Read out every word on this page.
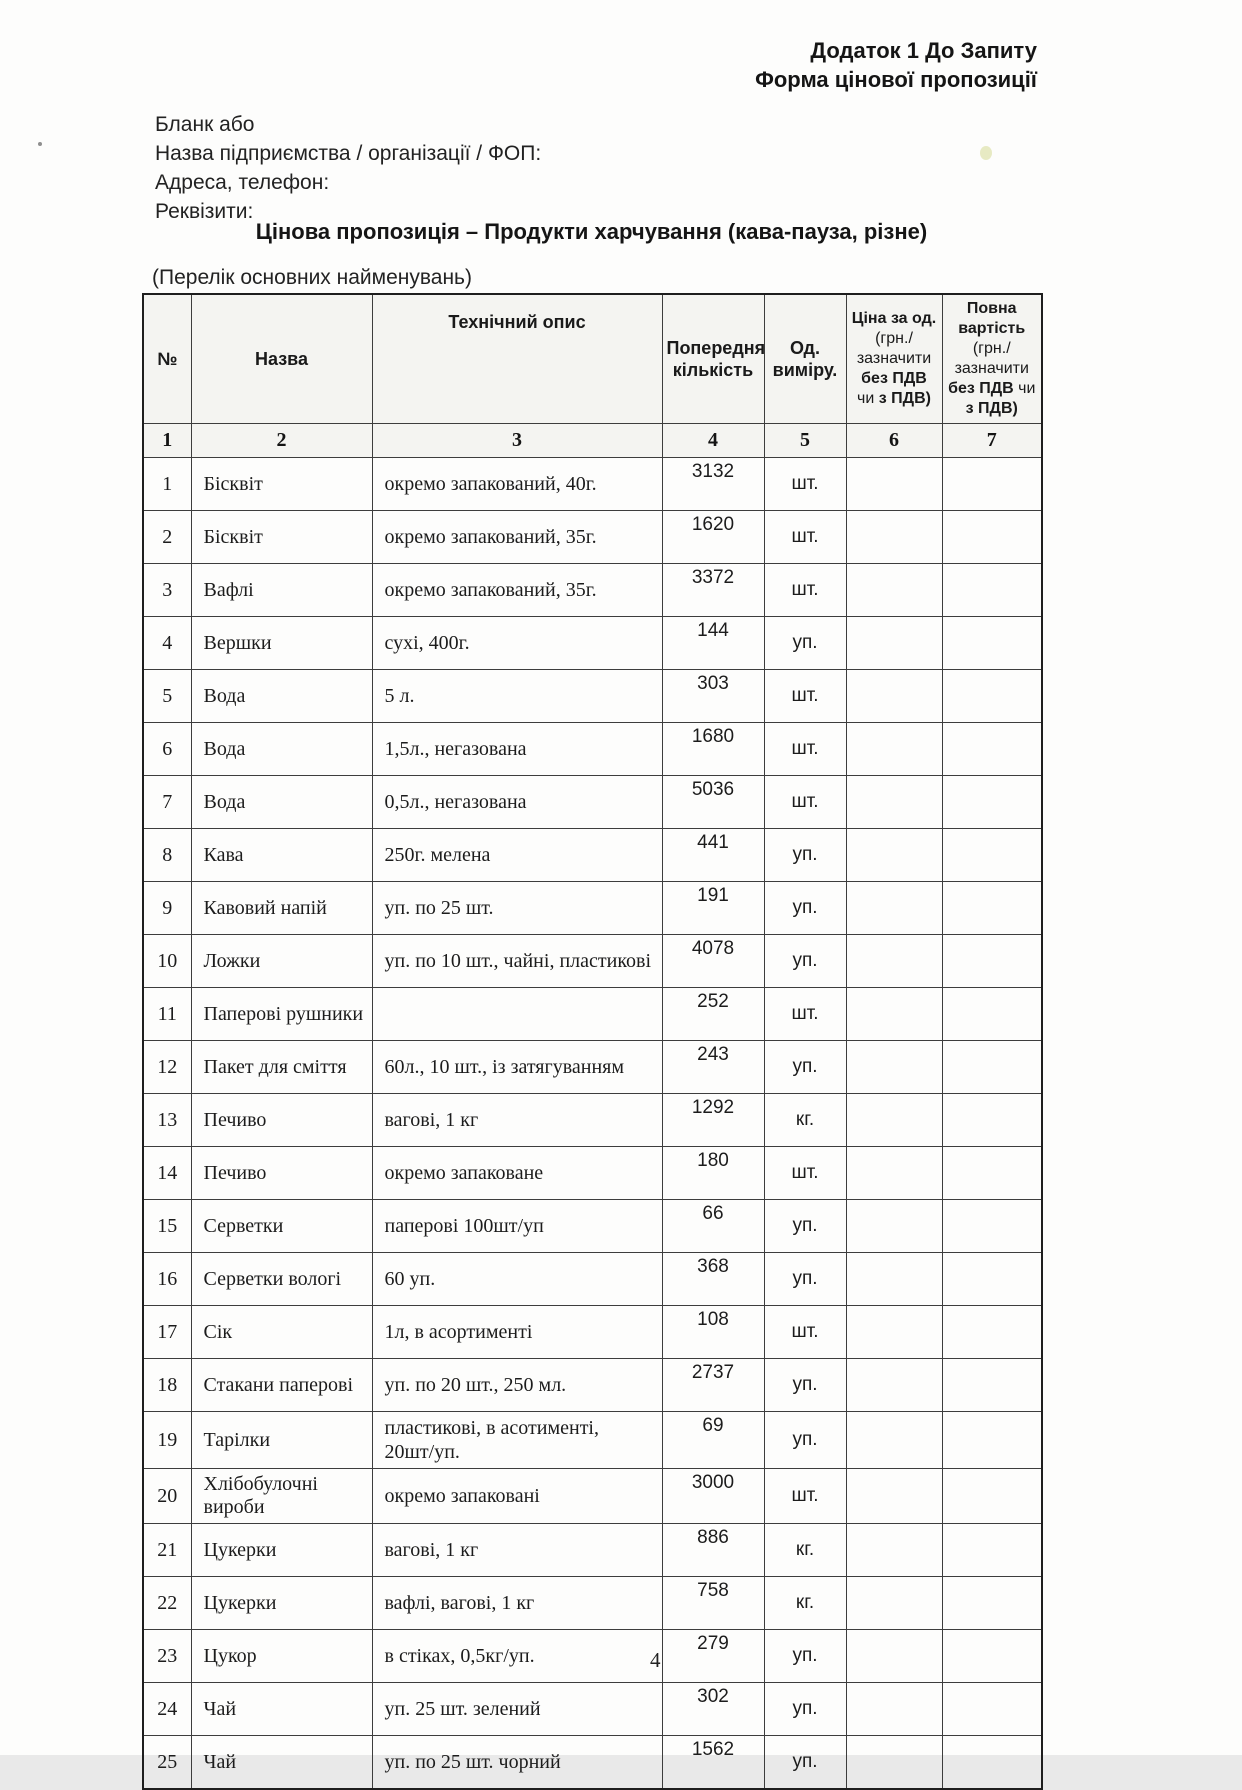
Додаток 1 До Запиту
Форма цінової пропозиції
Бланк або
Назва підприємства / організації / ФОП:
Адреса, телефон:
Реквізити:
Цінова пропозиція – Продукти харчування (кава-пауза, різне)
(Перелік основних найменувань)
№	Назва	Технічний опис	Попередня кількість	Од. виміру.	Ціна за од. (грн./ зазначити без ПДВ чи з ПДВ)	Повна вартість (грн./ зазначити без ПДВ чи з ПДВ)
1	2	3	4	5	6	7
1	Бісквіт	окремо запакований, 40г.	3132	шт.		
2	Бісквіт	окремо запакований, 35г.	1620	шт.		
3	Вафлі	окремо запакований, 35г.	3372	шт.		
4	Вершки	сухі, 400г.	144	уп.		
5	Вода	5 л.	303	шт.		
6	Вода	1,5л., негазована	1680	шт.		
7	Вода	0,5л., негазована	5036	шт.		
8	Кава	250г. мелена	441	уп.		
9	Кавовий напій	уп. по 25 шт.	191	уп.		
10	Ложки	уп. по 10 шт., чайні, пластикові	4078	уп.		
11	Паперові рушники		252	шт.		
12	Пакет для сміття	60л., 10 шт., із затягуванням	243	уп.		
13	Печиво	вагові, 1 кг	1292	кг.		
14	Печиво	окремо запаковане	180	шт.		
15	Серветки	паперові 100шт/уп	66	уп.		
16	Серветки вологі	60 уп.	368	уп.		
17	Сік	1л, в асортименті	108	шт.		
18	Стакани паперові	уп. по 20 шт., 250 мл.	2737	уп.		
19	Тарілки	пластикові, в асотименті, 20шт/уп.	69	уп.		
20	Хлібобулочні вироби	окремо запаковані	3000	шт.		
21	Цукерки	вагові, 1 кг	886	кг.		
22	Цукерки	вафлі, вагові, 1 кг	758	кг.		
23	Цукор	в стіках, 0,5кг/уп.	279	уп.		
24	Чай	уп. 25 шт. зелений	302	уп.		
25	Чай	уп. по 25 шт. чорний	1562	уп.		
4
